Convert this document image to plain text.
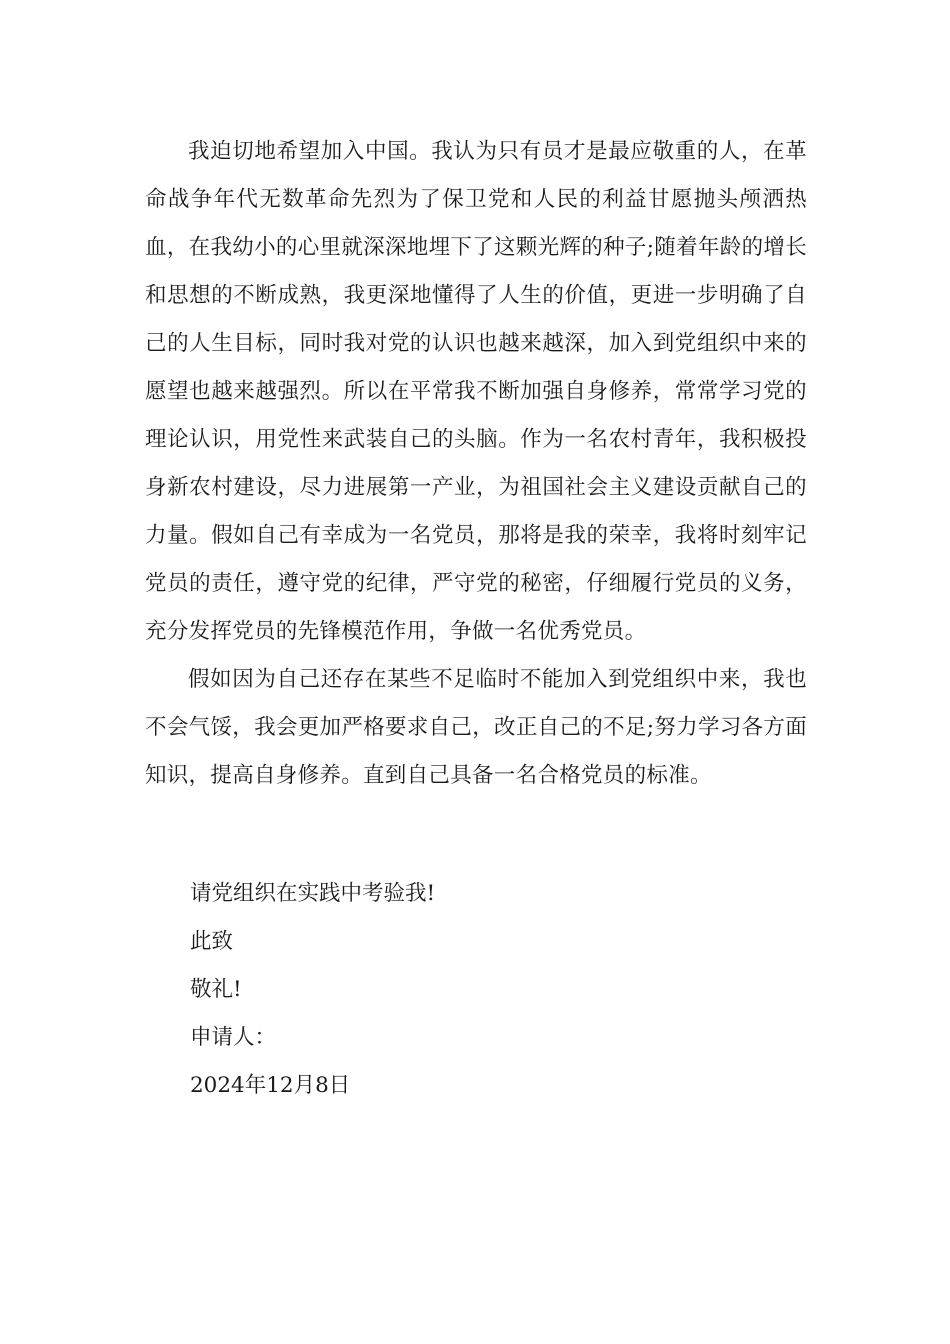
我迫切地希望加入中国。我认为只有员才是最应敬重的人，在革命战争年代无数革命先烈为了保卫党和人民的利益甘愿抛头颅洒热血，在我幼小的心里就深深地埋下了这颗光辉的种子;随着年龄的增长和思想的不断成熟，我更深地懂得了人生的价值，更进一步明确了自己的人生目标，同时我对党的认识也越来越深，加入到党组织中来的愿望也越来越强烈。所以在平常我不断加强自身修养，常常学习党的理论认识，用党性来武装自己的头脑。作为一名农村青年，我积极投身新农村建设，尽力进展第一产业，为祖国社会主义建设贡献自己的力量。假如自己有幸成为一名党员，那将是我的荣幸，我将时刻牢记党员的责任，遵守党的纪律，严守党的秘密，仔细履行党员的义务，充分发挥党员的先锋模范作用，争做一名优秀党员。

假如因为自己还存在某些不足临时不能加入到党组织中来，我也不会气馁，我会更加严格要求自己，改正自己的不足;努力学习各方面知识，提高自身修养。直到自己具备一名合格党员的标准。

请党组织在实践中考验我!
此致
敬礼!
申请人：
2024年12月8日
